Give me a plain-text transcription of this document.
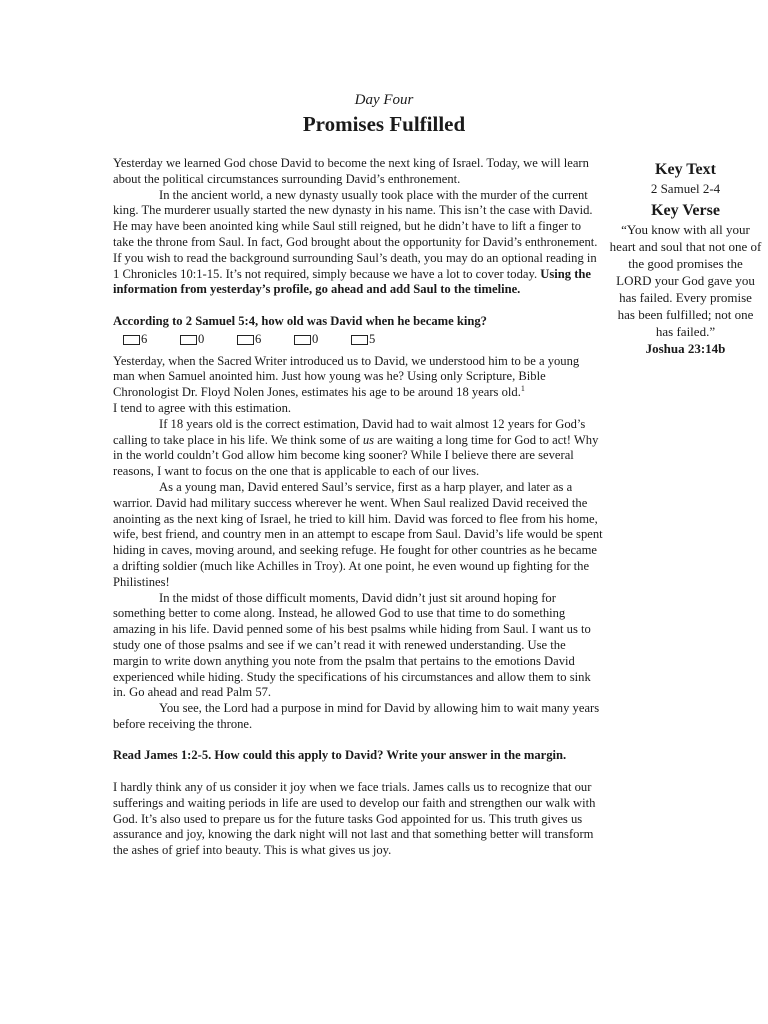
Day Four
Promises Fulfilled

Yesterday we learned God chose David to become the next king of Israel. Today, we will learn about the political circumstances surrounding David’s enthronement.

In the ancient world, a new dynasty usually took place with the murder of the current king. The murderer usually started the new dynasty in his name. This isn’t the case with David. He may have been anointed king while Saul still reigned, but he didn’t have to lift a finger to take the throne from Saul. In fact, God brought about the opportunity for David’s enthronement. If you wish to read the background surrounding Saul’s death, you may do an optional reading in 1 Chronicles 10:1-15. It’s not required, simply because we have a lot to cover today. Using the information from yesterday’s profile, go ahead and add Saul to the timeline.

According to 2 Samuel 5:4, how old was David when he became king?

6	0	6	0	5

Yesterday, when the Sacred Writer introduced us to David, we understood him to be a young man when Samuel anointed him. Just how young was he? Using only Scripture, Bible Chronologist Dr. Floyd Nolen Jones, estimates his age to be around 18 years old.$^1$
I tend to agree with this estimation.

If 18 years old is the correct estimation, David had to wait almost 12 years for God’s calling to take place in his life. We think some of us are waiting a long time for God to act! Why in the world couldn’t God allow him become king sooner? While I believe there are several reasons, I want to focus on the one that is applicable to each of our lives.

As a young man, David entered Saul’s service, first as a harp player, and later as a warrior. David had military success wherever he went. When Saul realized David received the anointing as the next king of Israel, he tried to kill him. David was forced to flee from his home, wife, best friend, and country men in an attempt to escape from Saul. David’s life would be spent hiding in caves, moving around, and seeking refuge. He fought for other countries as he became a drifting soldier (much like Achilles in Troy). At one point, he even wound up fighting for the Philistines!

In the midst of those difficult moments, David didn’t just sit around hoping for something better to come along. Instead, he allowed God to use that time to do something amazing in his life. David penned some of his best psalms while hiding from Saul. I want us to study one of those psalms and see if we can’t read it with renewed understanding. Use the margin to write down anything you note from the psalm that pertains to the emotions David experienced while hiding. Study the specifications of his circumstances and allow them to sink in. Go ahead and read Palm 57.

You see, the Lord had a purpose in mind for David by allowing him to wait many years before receiving the throne.

Read James 1:2-5. How could this apply to David? Write your answer in the margin.

I hardly think any of us consider it joy when we face trials. James calls us to recognize that our sufferings and waiting periods in life are used to develop our faith and strengthen our walk with God. It’s also used to prepare us for the future tasks God appointed for us. This truth gives us assurance and joy, knowing the dark night will not last and that something better will transform the ashes of grief into beauty. This is what gives us joy.

Key Text
2 Samuel 2-4
Key Verse
“You know with all your heart and soul that not one of the good promises the LORD your God gave you has failed. Every promise has been fulfilled; not one has failed.”
Joshua 23:14b
